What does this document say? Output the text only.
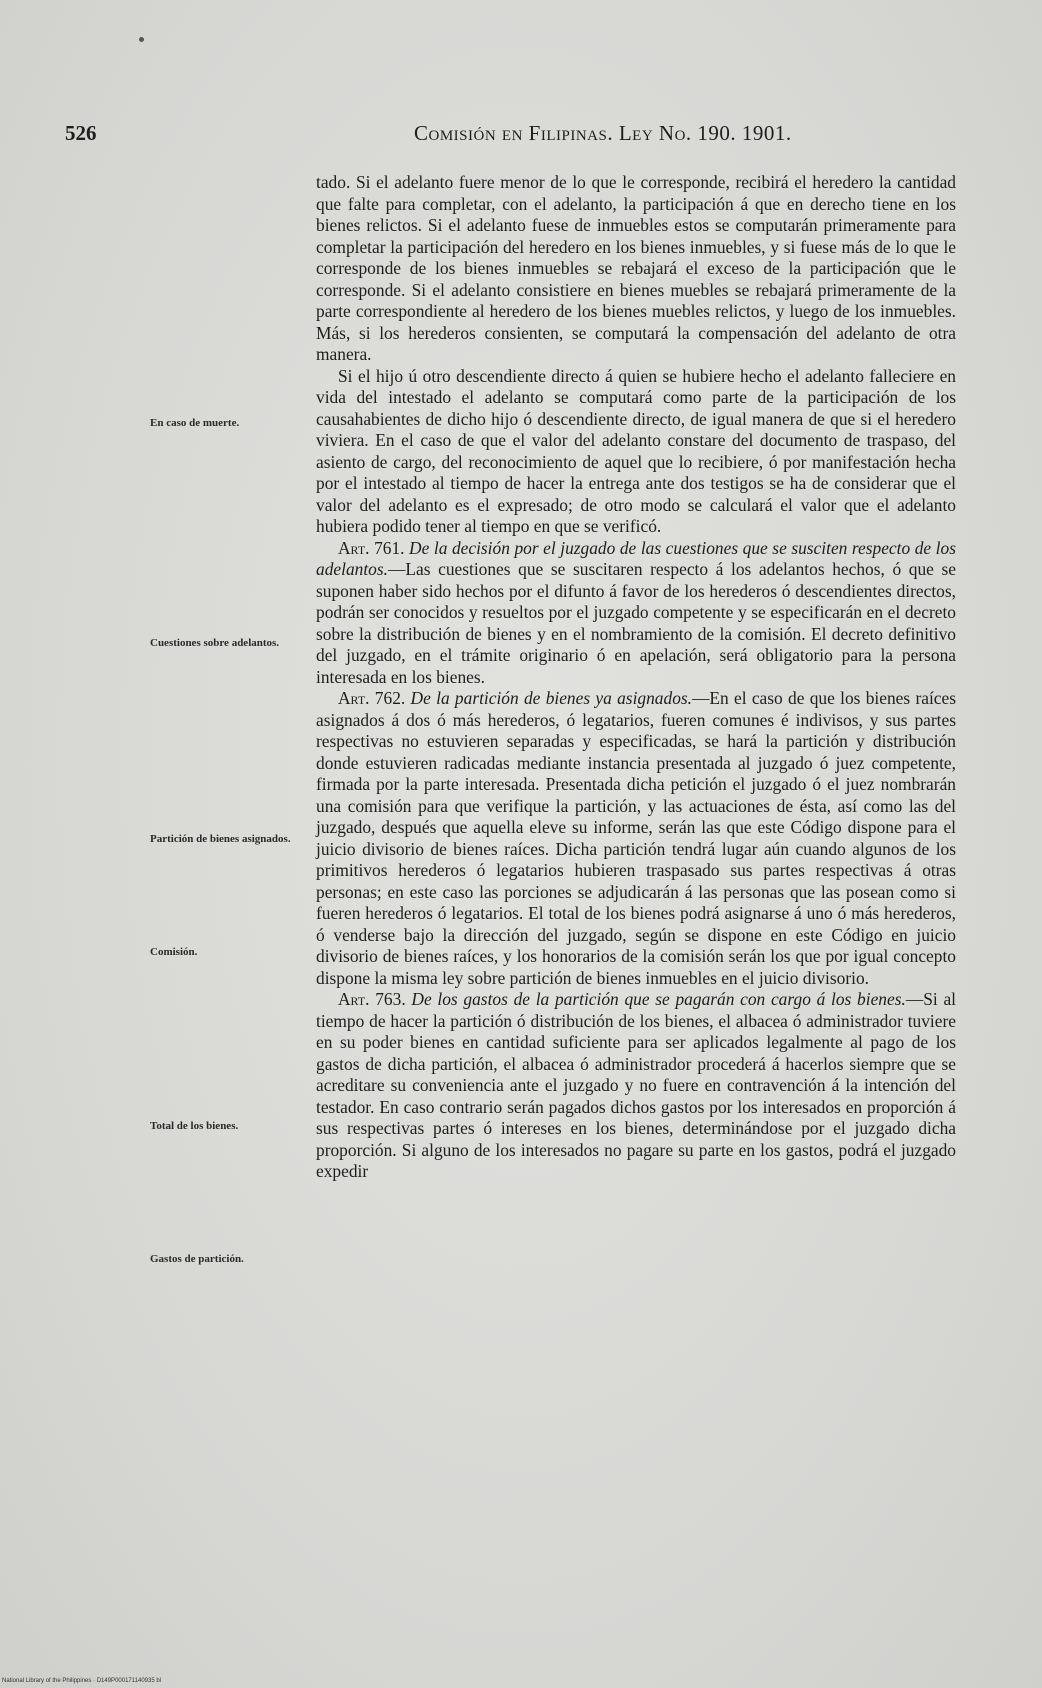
526	Comisión en Filipinas. Ley No. 190. 1901.
En caso de muerte.
Cuestiones sobre adelantos.
Partición de bienes asignados.
Comisión.
Total de los bienes.
Gastos de partición.

tado. Si el adelanto fuere menor de lo que le corresponde, recibirá el heredero la cantidad que falte para completar, con el adelanto, la participación á que en derecho tiene en los bienes relictos. Si el adelanto fuese de inmuebles estos se computarán primeramente para completar la participación del heredero en los bienes inmuebles, y si fuese más de lo que le corresponde de los bienes inmuebles se rebajará el exceso de la participación que le corresponde. Si el adelanto consistiere en bienes muebles se rebajará primeramente de la parte correspondiente al heredero de los bienes muebles relictos, y luego de los inmuebles. Más, si los herederos consienten, se computará la compensación del adelanto de otra manera.

Si el hijo ú otro descendiente directo á quien se hubiere hecho el adelanto falleciere en vida del intestado el adelanto se computará como parte de la participación de los causahabientes de dicho hijo ó descendiente directo, de igual manera de que si el heredero viviera. En el caso de que el valor del adelanto constare del documento de traspaso, del asiento de cargo, del reconocimiento de aquel que lo recibiere, ó por manifestación hecha por el intestado al tiempo de hacer la entrega ante dos testigos se ha de considerar que el valor del adelanto es el expresado; de otro modo se calculará el valor que el adelanto hubiera podido tener al tiempo en que se verificó.

Art. 761. De la decisión por el juzgado de las cuestiones que se susciten respecto de los adelantos.—Las cuestiones que se suscitaren respecto á los adelantos hechos, ó que se suponen haber sido hechos por el difunto á favor de los herederos ó descendientes directos, podrán ser conocidos y resueltos por el juzgado competente y se especificarán en el decreto sobre la distribución de bienes y en el nombramiento de la comisión. El decreto definitivo del juzgado, en el trámite originario ó en apelación, será obligatorio para la persona interesada en los bienes.

Art. 762. De la partición de bienes ya asignados.—En el caso de que los bienes raíces asignados á dos ó más herederos, ó legatarios, fueren comunes é indivisos, y sus partes respectivas no estuvieren separadas y especificadas, se hará la partición y distribución donde estuvieren radicadas mediante instancia presentada al juzgado ó juez competente, firmada por la parte interesada. Presentada dicha petición el juzgado ó el juez nombrarán una comisión para que verifique la partición, y las actuaciones de ésta, así como las del juzgado, después que aquella eleve su informe, serán las que este Código dispone para el juicio divisorio de bienes raíces. Dicha partición tendrá lugar aún cuando algunos de los primitivos herederos ó legatarios hubieren traspasado sus partes respectivas á otras personas; en este caso las porciones se adjudicarán á las personas que las posean como si fueren herederos ó legatarios. El total de los bienes podrá asignarse á uno ó más herederos, ó venderse bajo la dirección del juzgado, según se dispone en este Código en juicio divisorio de bienes raíces, y los honorarios de la comisión serán los que por igual concepto dispone la misma ley sobre partición de bienes inmuebles en el juicio divisorio.

Art. 763. De los gastos de la partición que se pagarán con cargo á los bienes.—Si al tiempo de hacer la partición ó distribución de los bienes, el albacea ó administrador tuviere en su poder bienes en cantidad suficiente para ser aplicados legalmente al pago de los gastos de dicha partición, el albacea ó administrador procederá á hacerlos siempre que se acreditare su conveniencia ante el juzgado y no fuere en contravención á la intención del testador. En caso contrario serán pagados dichos gastos por los interesados en proporción á sus respectivas partes ó intereses en los bienes, determinándose por el juzgado dicha proporción. Si alguno de los interesados no pagare su parte en los gastos, podrá el juzgado expedir

National Library of the Philippines · D149P000171140935 bl
